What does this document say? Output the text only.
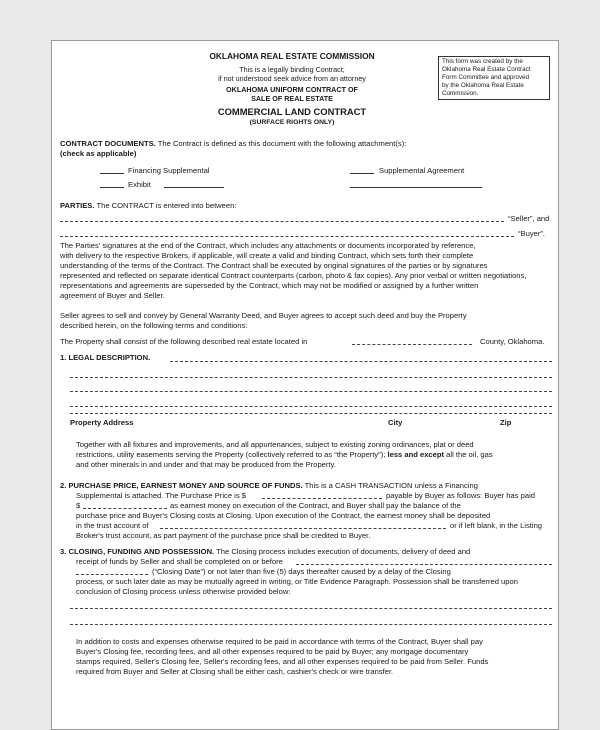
OKLAHOMA REAL ESTATE COMMISSION
This is a legally binding Contract;
if not understood seek advice from an attorney
OKLAHOMA UNIFORM CONTRACT OF
SALE OF REAL ESTATE
COMMERCIAL LAND CONTRACT
(SURFACE RIGHTS ONLY)
This form was created by the
Oklahoma Real Estate Contract
Form Committee and approved
by the Oklahoma Real Estate
Commission.
CONTRACT DOCUMENTS. The Contract is defined as this document with the following attachment(s):
(check as applicable)
Financing Supplemental	Supplemental Agreement
Exhibit
PARTIES. The CONTRACT is entered into between:
“Seller”, and
“Buyer”.
The Parties' signatures at the end of the Contract, which includes any attachments or documents incorporated by reference,
with delivery to the respective Brokers, if applicable, will create a valid and binding Contract, which sets forth their complete
understanding of the terms of the Contract. The Contract shall be executed by original signatures of the parties or by signatures
represented and reflected on separate identical Contract counterparts (carbon, photo & fax copies). Any prior verbal or written negotiations,
representations and agreements are superseded by the Contract, which may not be modified or assigned by a further written
agreement of Buyer and Seller.
Seller agrees to sell and convey by General Warranty Deed, and Buyer agrees to accept such deed and buy the Property
described herein, on the following terms and conditions:
The Property shall consist of the following described real estate located in	County, Oklahoma.
1. LEGAL DESCRIPTION.
Property Address	City	Zip
Together with all fixtures and improvements, and all appurtenances, subject to existing zoning ordinances, plat or deed
restrictions, utility easements serving the Property (collectively referred to as “the Property”); less and except all the oil, gas
and other minerals in and under and that may be produced from the Property.
2. PURCHASE PRICE, EARNEST MONEY AND SOURCE OF FUNDS. This is a CASH TRANSACTION unless a Financing
Supplemental is attached. The Purchase Price is $	payable by Buyer as follows: Buyer has paid
$	as earnest money on execution of the Contract, and Buyer shall pay the balance of the
purchase price and Buyer's Closing costs at Closing. Upon execution of the Contract, the earnest money shall be deposited
in the trust account of	or if left blank, in the Listing
Broker's trust account, as part payment of the purchase price shall be credited to Buyer.
3. CLOSING, FUNDING AND POSSESSION. The Closing process includes execution of documents, delivery of deed and
receipt of funds by Seller and shall be completed on or before
(“Closing Date”) or not later than five (5) days thereafter caused by a delay of the Closing
process, or such later date as may be mutually agreed in writing, or Title Evidence Paragraph. Possession shall be transferred upon
conclusion of Closing process unless otherwise provided below:
In addition to costs and expenses otherwise required to be paid in accordance with terms of the Contract, Buyer shall pay
Buyer's Closing fee, recording fees, and all other expenses required to be paid by Buyer; any mortgage documentary
stamps required, Seller's Closing fee, Seller's recording fees, and all other expenses required to be paid from Seller. Funds
required from Buyer and Seller at Closing shall be either cash, cashier's check or wire transfer.
